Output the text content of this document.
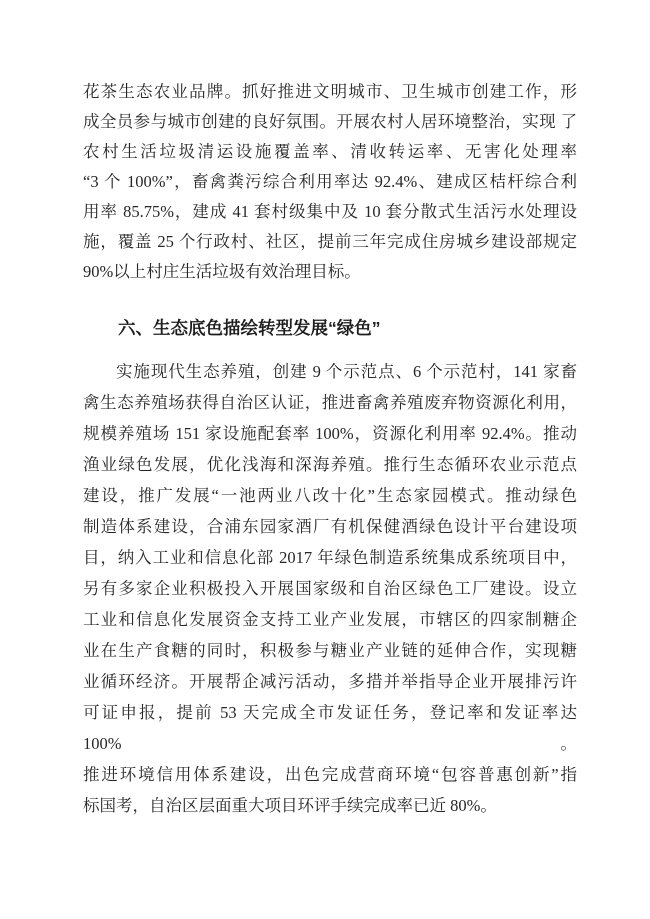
花茶生态农业品牌。抓好推进文明城市、卫生城市创建工作，形
成全员参与城市创建的良好氛围。开展农村人居环境整治，实现 了
农村生活垃圾清运设施覆盖率、清收转运率、无害化处理率
“3 个 100%”，畜禽粪污综合利用率达 92.4%、建成区桔杆综合利
用率 85.75%，建成 41 套村级集中及 10 套分散式生活污水处理设
施，覆盖 25 个行政村、社区，提前三年完成住房城乡建设部规定
90%以上村庄生活垃圾有效治理目标。
六、生态底色描绘转型发展“绿色”
实施现代生态养殖，创建 9 个示范点、6 个示范村，141 家畜
禽生态养殖场获得自治区认证，推进畜禽养殖废弃物资源化利用，
规模养殖场 151 家设施配套率 100%，资源化利用率 92.4%。推动
渔业绿色发展，优化浅海和深海养殖。推行生态循环农业示范点
建设，推广发展“一池两业八改十化”生态家园模式。推动绿色
制造体系建设，合浦东园家酒厂有机保健酒绿色设计平台建设项
目，纳入工业和信息化部 2017 年绿色制造系统集成系统项目中，
另有多家企业积极投入开展国家级和自治区绿色工厂建设。设立
工业和信息化发展资金支持工业产业发展，市辖区的四家制糖企
业在生产食糖的同时，积极参与糖业产业链的延伸合作，实现糖
业循环经济。开展帮企减污活动，多措并举指导企业开展排污许
可证申报，提前 53 天完成全市发证任务，登记率和发证率达 100%。
推进环境信用体系建设，出色完成营商环境“包容普惠创新”指
标国考，自治区层面重大项目环评手续完成率已近 80%。
